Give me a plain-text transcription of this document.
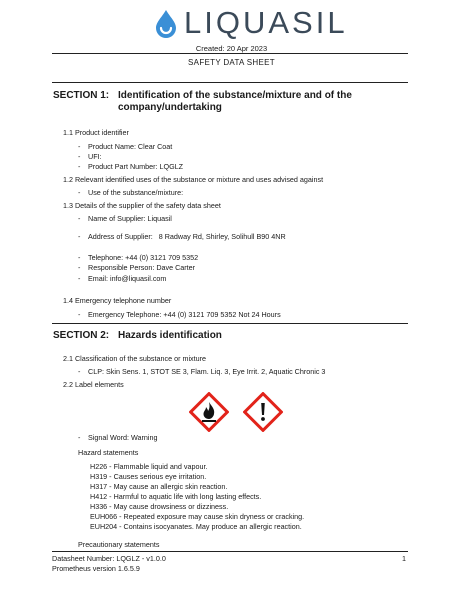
LIQUASIL
Created: 20 Apr 2023
SAFETY DATA SHEET
SECTION 1: Identification of the substance/mixture and of the company/undertaking
1.1 Product identifier
- Product Name: Clear Coat
- UFI:
- Product Part Number: LQGLZ
1.2 Relevant identified uses of the substance or mixture and uses advised against
- Use of the substance/mixture:
1.3 Details of the supplier of the safety data sheet
- Name of Supplier: Liquasil
- Address of Supplier: 8 Radway Rd, Shirley, Solihull B90 4NR
- Telephone: +44 (0) 3121 709 5352
- Responsible Person: Dave Carter
- Email: info@liquasil.com
1.4 Emergency telephone number
- Emergency Telephone: +44 (0) 3121 709 5352 Not 24 Hours
SECTION 2: Hazards identification
2.1 Classification of the substance or mixture
- CLP: Skin Sens. 1, STOT SE 3, Flam. Liq. 3, Eye Irrit. 2, Aquatic Chronic 3
2.2 Label elements
- Signal Word: Warning
Hazard statements
H226 - Flammable liquid and vapour.
H319 - Causes serious eye irritation.
H317 - May cause an allergic skin reaction.
H412 - Harmful to aquatic life with long lasting effects.
H336 - May cause drowsiness or dizziness.
EUH066 - Repeated exposure may cause skin dryness or cracking.
EUH204 - Contains isocyanates. May produce an allergic reaction.
Precautionary statements
Datasheet Number: LQGLZ - v1.0.0
Prometheus version 1.6.5.9
1
